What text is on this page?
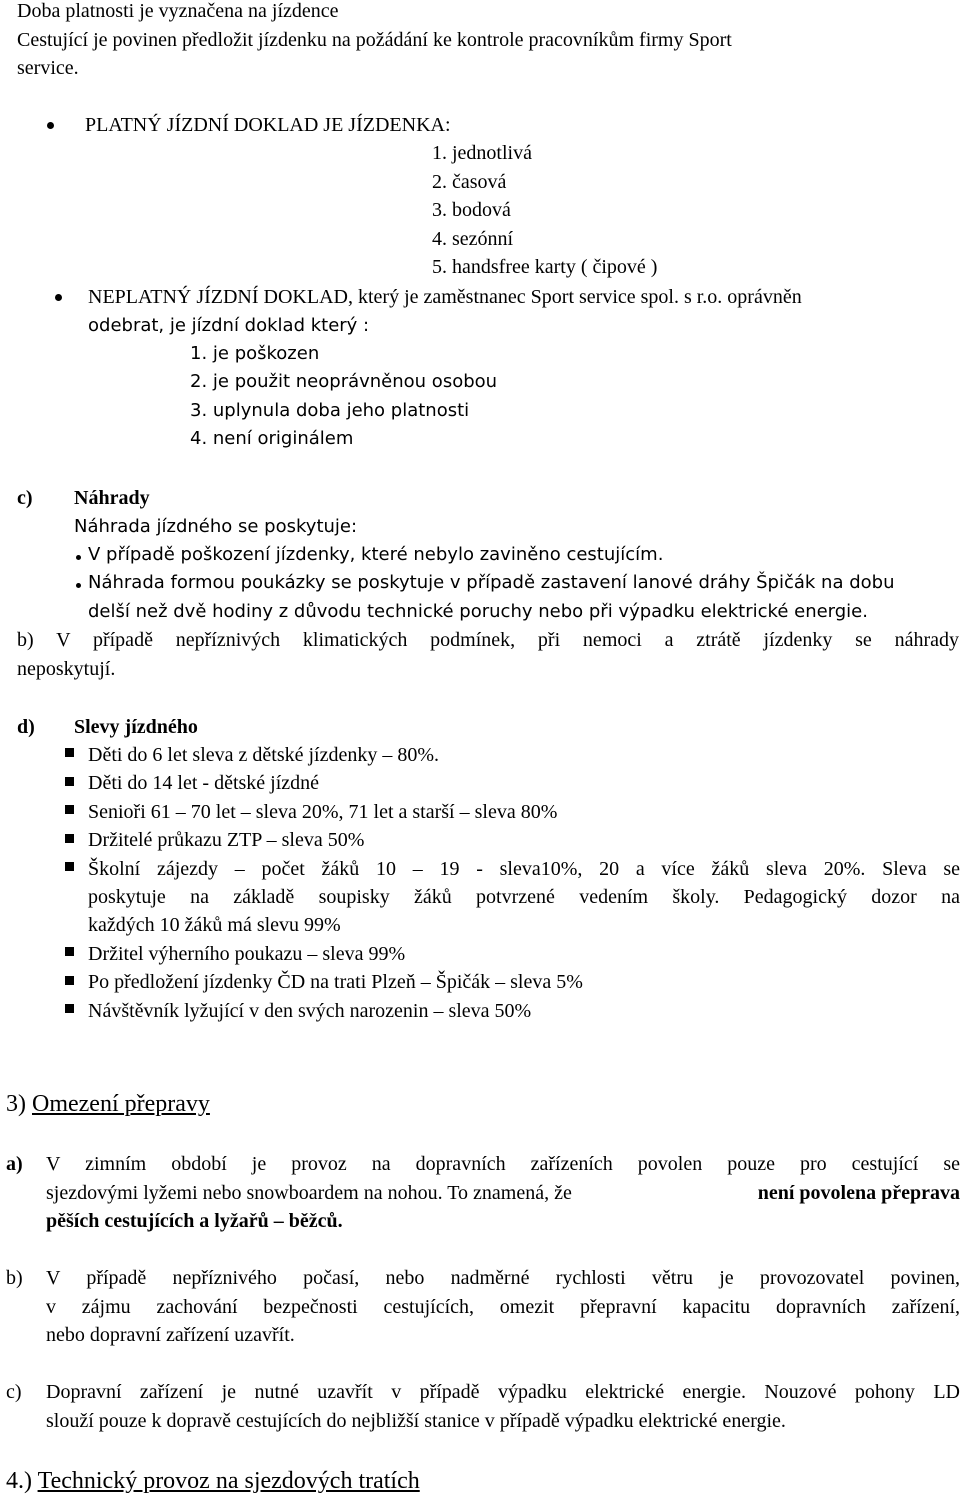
Doba platnosti je vyznačena na jízdence
Cestující je povinen předložit jízdenku na požádání ke kontrole pracovníkům firmy Sport
service.
PLATNÝ JÍZDNÍ DOKLAD JE JÍZDENKA:
1. jednotlivá
2. časová
3. bodová
4. sezónní
5. handsfree karty ( čipové )
NEPLATNÝ JÍZDNÍ DOKLAD, který je zaměstnanec Sport service spol. s r.o. oprávněn
odebrat, je jízdní doklad který :
1. je poškozen
2. je použit neoprávněnou osobou
3. uplynula doba jeho platnosti
4. není originálem
c) Náhrady
Náhrada jízdného se poskytuje:
V případě poškození jízdenky, které nebylo zaviněno cestujícím.
Náhrada formou poukázky se poskytuje v případě zastavení lanové dráhy Špičák na dobu
delší než dvě hodiny z důvodu technické poruchy nebo při výpadku elektrické energie.
b) V případě nepříznivých klimatických podmínek, při nemoci a ztrátě jízdenky se náhrady
neposkytují.
d) Slevy jízdného
Děti do 6 let sleva z dětské jízdenky – 80%.
Děti do 14 let - dětské jízdné
Senioři 61 – 70 let – sleva 20%, 71 let a starší – sleva 80%
Držitelé průkazu ZTP – sleva 50%
Školní zájezdy – počet žáků 10 – 19 - sleva10%, 20 a více žáků sleva 20%. Sleva se
poskytuje na základě soupisky žáků potvrzené vedením školy. Pedagogický dozor na
každých 10 žáků má slevu 99%
Držitel výherního poukazu – sleva 99%
Po předložení jízdenky ČD na trati Plzeň – Špičák – sleva 5%
Návštěvník lyžující v den svých narozenin – sleva 50%
3) Omezení přepravy
a) V zimním období je provoz na dopravních zařízeních povolen pouze pro cestující se
sjezdovými lyžemi nebo snowboardem na nohou. To znamená, že	není povolena přeprava
pěších cestujících a lyžařů – běžců.
b) V případě nepříznivého počasí, nebo nadměrné rychlosti větru je provozovatel povinen,
v zájmu zachování bezpečnosti cestujících, omezit přepravní kapacitu dopravních zařízení,
nebo dopravní zařízení uzavřít.
c) Dopravní zařízení je nutné uzavřít v případě výpadku elektrické energie. Nouzové pohony LD
slouží pouze k dopravě cestujících do nejbližší stanice v případě výpadku elektrické energie.
4.) Technický provoz na sjezdových tratích
